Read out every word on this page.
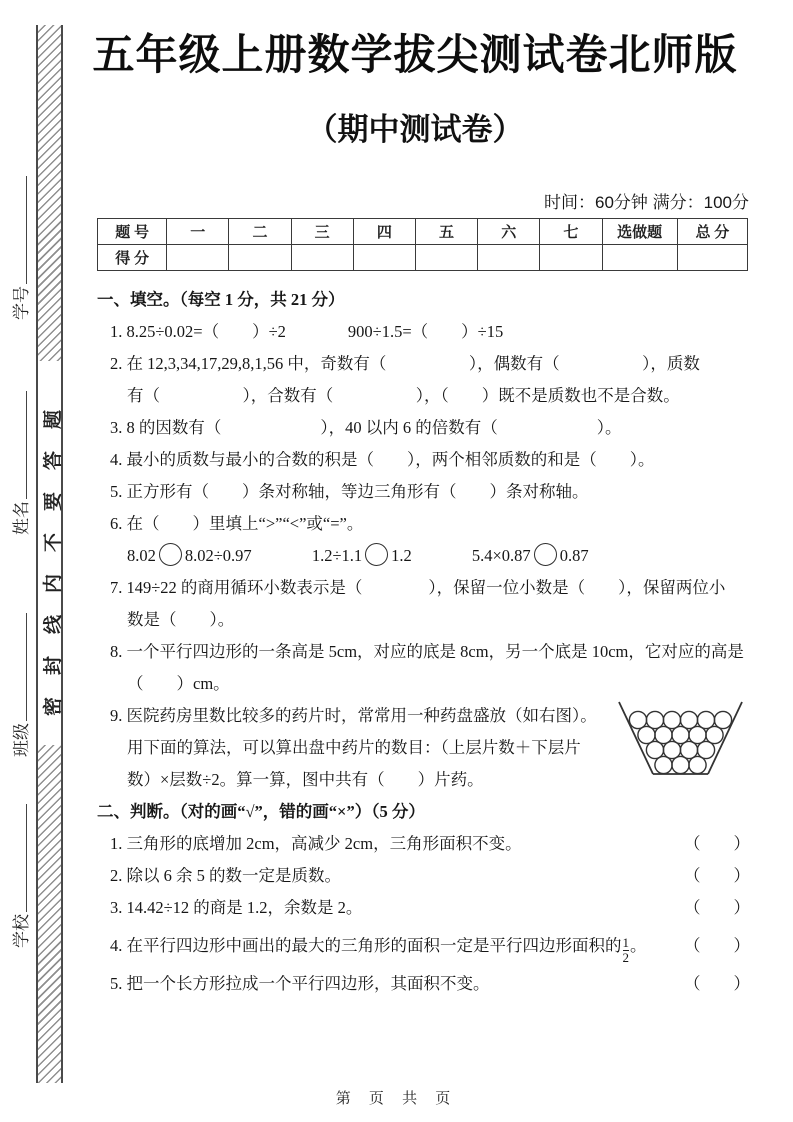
密封线内不要答题
学号
姓名
班级
学校
五年级上册数学拔尖测试卷北师版
（期中测试卷）
时间：60分钟 满分：100分
题 号	一	二	三	四	五	六	七	选做题	总 分
得 分									
一、填空。（每空 1 分，共 21 分）
1. 8.25÷0.02=（　　）÷2	900÷1.5=（　　）÷15
2. 在 12,3,34,17,29,8,1,56 中，奇数有（　　　　　），偶数有（　　　　　），质数
有（　　　　　），合数有（　　　　　），（　　）既不是质数也不是合数。
3. 8 的因数有（　　　　　　），40 以内 6 的倍数有（　　　　　　）。
4. 最小的质数与最小的合数的积是（　　），两个相邻质数的和是（　　）。
5. 正方形有（　　）条对称轴，等边三角形有（　　）条对称轴。
6. 在（　　）里填上“>”“<”或“=”。
8.02 8.02÷0.97	1.2÷1.1 1.2	5.4×0.87 0.87
7. 149÷22 的商用循环小数表示是（　　　　），保留一位小数是（　　），保留两位小
数是（　　）。
8. 一个平行四边形的一条高是 5cm，对应的底是 8cm，另一个底是 10cm，它对应的高是
（　　）cm。
9. 医院药房里数比较多的药片时，常常用一种药盘盛放（如右图）。
用下面的算法，可以算出盘中药片的数目：（上层片数＋下层片
数）×层数÷2。算一算，图中共有（　　）片药。
二、判断。（对的画“√”，错的画“×”）（5 分）
1. 三角形的底增加 2cm，高减少 2cm，三角形面积不变。	（　　）
2. 除以 6 余 5 的数一定是质数。	（　　）
3. 14.42÷12 的商是 1.2，余数是 2。	（　　）
4. 在平行四边形中画出的最大的三角形的面积一定是平行四边形面积的 $\frac{1}{2}$ 。 （　　）
5. 把一个长方形拉成一个平行四边形，其面积不变。	（　　）
第 页 共 页
